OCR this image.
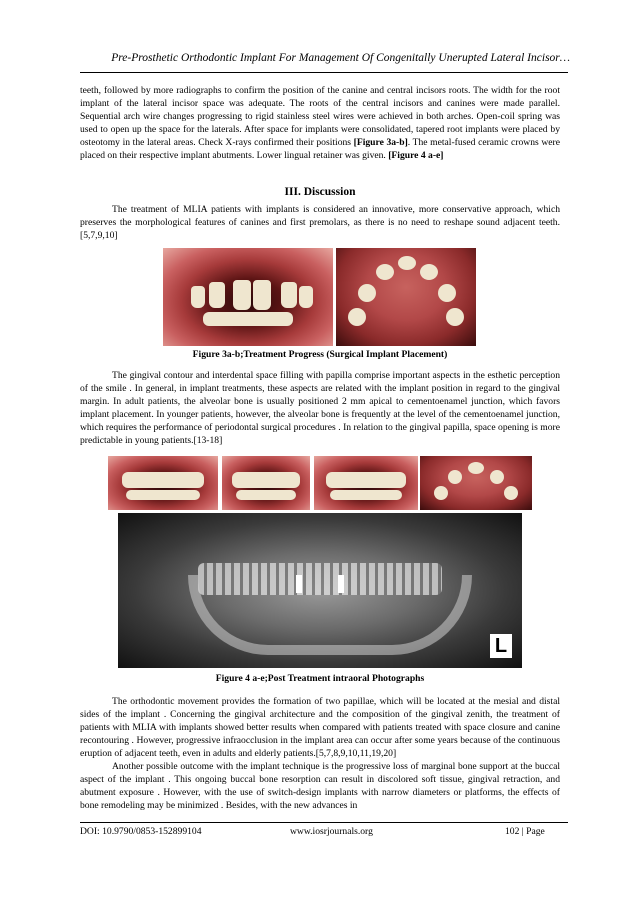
Pre-Prosthetic Orthodontic Implant For Management Of Congenitally Unerupted Lateral Incisor…

teeth, followed by more radiographs to confirm the position of the canine and central incisors roots. The width for the root implant of the lateral incisor space was adequate. The roots of the central incisors and canines were made parallel. Sequential arch wire changes progressing to rigid stainless steel wires were achieved in both arches. Open-coil spring was used to open up the space for the laterals. After space for implants were consolidated, tapered root implants were placed by osteotomy in the lateral areas. Check X-rays confirmed their positions [Figure 3a-b]. The metal-fused ceramic crowns were placed on their respective implant abutments. Lower lingual retainer was given. [Figure 4 a-e]

III. Discussion

The treatment of MLIA patients with implants is considered an innovative, more conservative approach, which preserves the morphological features of canines and first premolars, as there is no need to reshape sound adjacent teeth.[5,7,9,10]

Figure 3a-b;Treatment Progress (Surgical Implant Placement)

The gingival contour and interdental space filling with papilla comprise important aspects in the esthetic perception of the smile . In general, in implant treatments, these aspects are related with the implant position in regard to the gingival margin. In adult patients, the alveolar bone is usually positioned 2 mm apical to cementoenamel junction, which favors implant placement. In younger patients, however, the alveolar bone is frequently at the level of the cementoenamel junction, which requires the performance of periodontal surgical procedures . In relation to the gingival papilla, space opening is more predictable in young patients.[13-18]

L
Figure 4 a-e;Post Treatment intraoral Photographs

The orthodontic movement provides the formation of two papillae, which will be located at the mesial and distal sides of the implant . Concerning the gingival architecture and the composition of the gingival zenith, the treatment of patients with MLIA with implants showed better results when compared with patients treated with space closure and canine recontouring . However, progressive infraocclusion in the implant area can occur after some years because of the continuous eruption of adjacent teeth, even in adults and elderly patients.[5,7,8,9,10,11,19,20]

Another possible outcome with the implant technique is the progressive loss of marginal bone support at the buccal aspect of the implant . This ongoing buccal bone resorption can result in discolored soft tissue, gingival retraction, and abutment exposure . However, with the use of switch-design implants with narrow diameters or platforms, the effects of bone remodeling may be minimized . Besides, with the new advances in

DOI: 10.9790/0853-152899104	www.iosrjournals.org	102 | Page
